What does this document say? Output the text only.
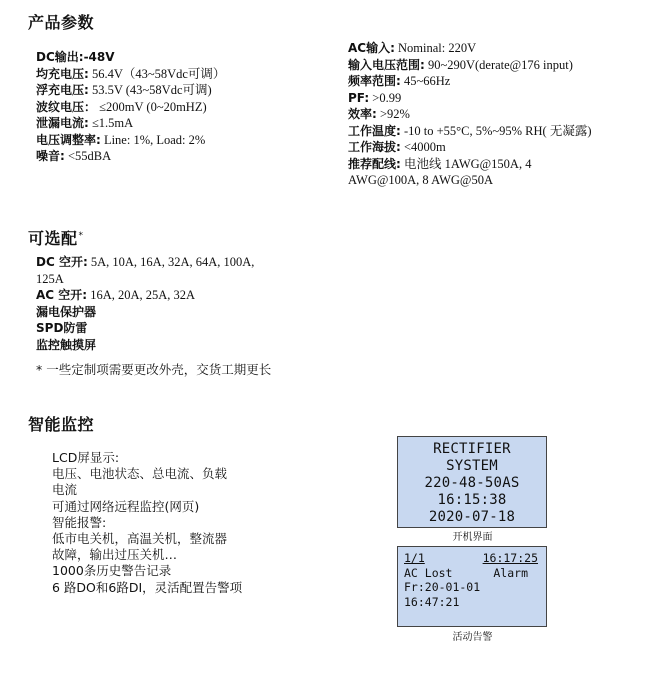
产品参数
DC输出:-48V
均充电压: 56.4V（43~58Vdc可调）
浮充电压: 53.5V (43~58Vdc可调)
波纹电压： ≤200mV (0~20mHZ)
泄漏电流: ≤1.5mA
电压调整率: Line: 1%, Load: 2%
噪音: <55dBA
AC输入: Nominal: 220V
输入电压范围: 90~290V(derate@176 input)
频率范围: 45~66Hz
PF: >0.99
效率: >92%
工作温度: -10 to +55°C, 5%~95% RH( 无凝露)
工作海拔: <4000m
推荐配线: 电池线 1AWG@150A, 4
AWG@100A, 8 AWG@50A
可选配*
DC 空开: 5A, 10A, 16A, 32A, 64A, 100A,
125A
AC 空开: 16A, 20A, 25A, 32A
漏电保护器
SPD防雷
监控触摸屏
* 一些定制项需要更改外壳，交货工期更长
智能监控
LCD屏显示:
电压、电池状态、总电流、负载
电流
可通过网络远程监控(网页)
智能报警:
低市电关机，高温关机，整流器
故障，输出过压关机…
1000条历史警告记录
6 路DO和6路DI，灵活配置告警项
RECTIFIER
SYSTEM
220-48-50AS
16:15:38
2020-07-18
开机界面
1/1	16:17:25
AC Lost	Alarm
Fr:20-01-01
16:47:21
活动告警
